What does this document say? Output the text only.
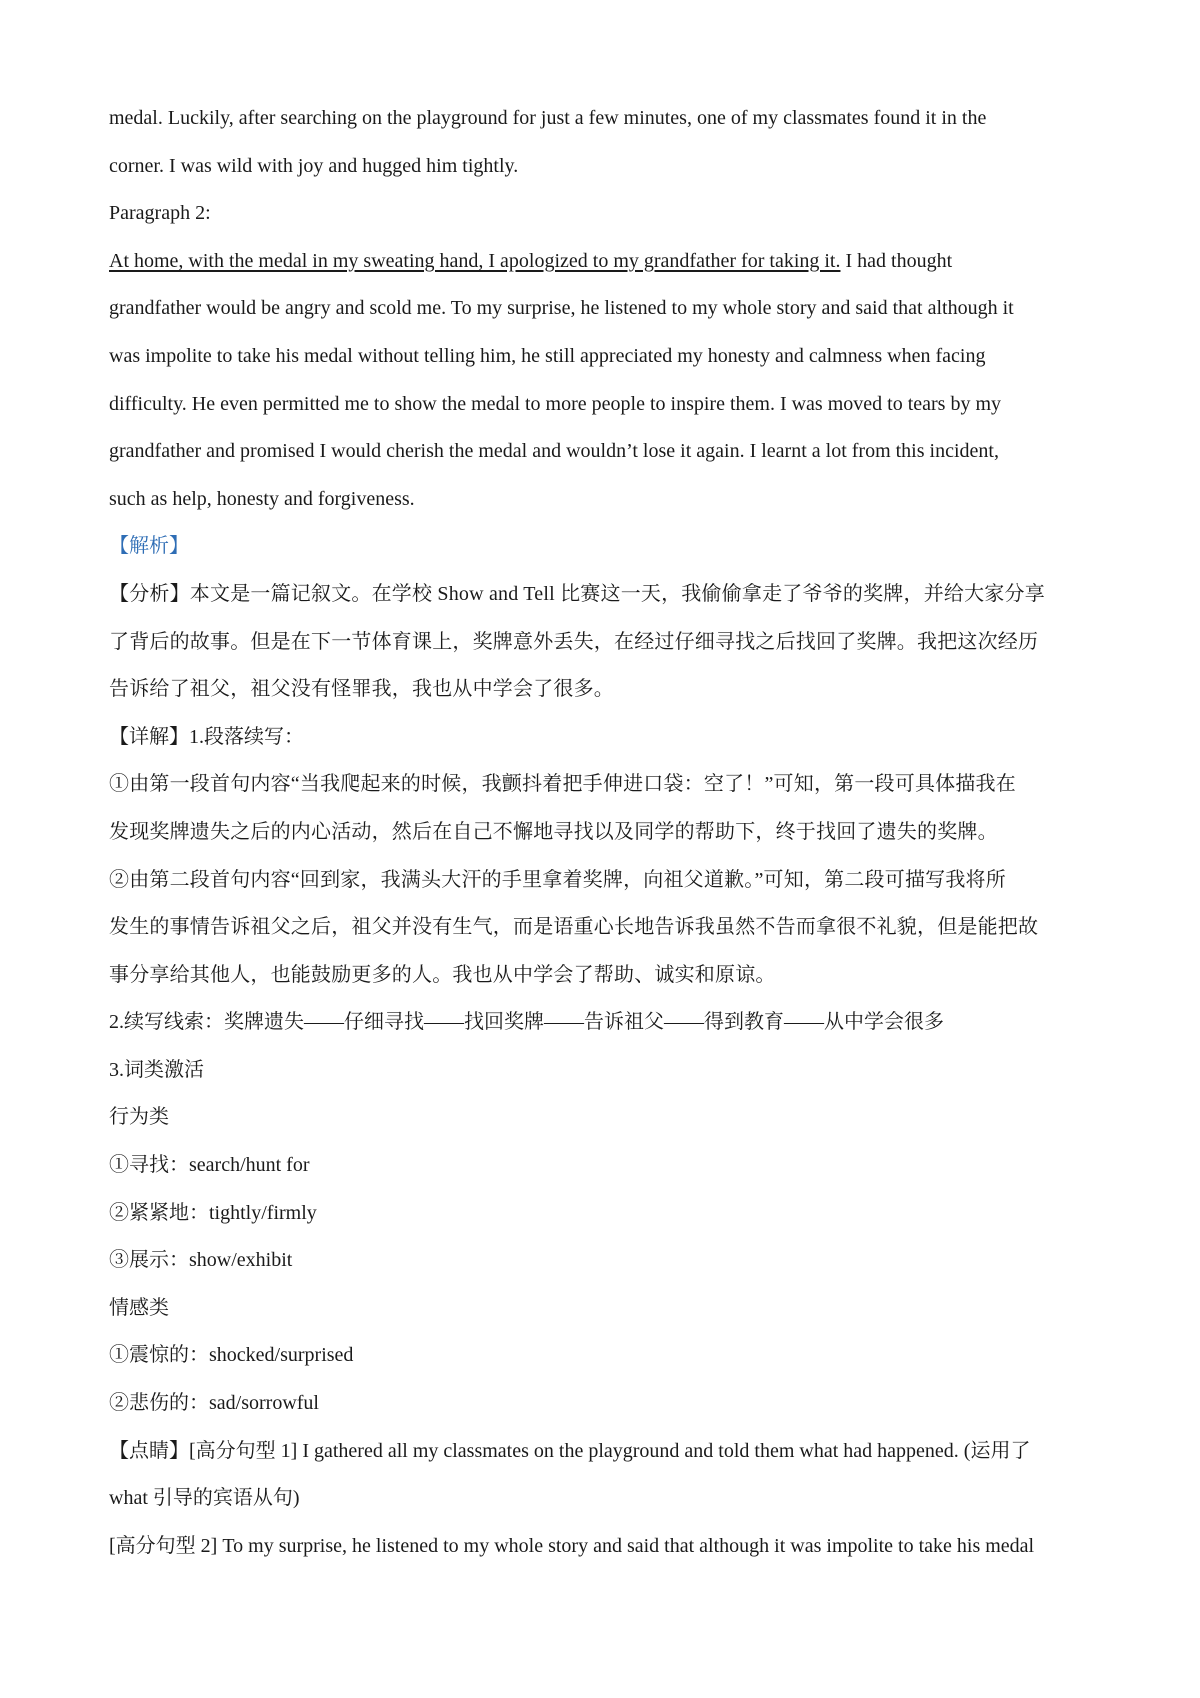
medal. Luckily, after searching on the playground for just a few minutes, one of my classmates found it in the
corner. I was wild with joy and hugged him tightly.
Paragraph 2:
At home, with the medal in my sweating hand, I apologized to my grandfather for taking it. I had thought
grandfather would be angry and scold me. To my surprise, he listened to my whole story and said that although it
was impolite to take his medal without telling him, he still appreciated my honesty and calmness when facing
difficulty. He even permitted me to show the medal to more people to inspire them. I was moved to tears by my
grandfather and promised I would cherish the medal and wouldn’t lose it again. I learnt a lot from this incident,
such as help, honesty and forgiveness.
【解析】
【分析】本文是一篇记叙文。在学校 Show and Tell 比赛这一天，我偷偷拿走了爷爷的奖牌，并给大家分享
了背后的故事。但是在下一节体育课上，奖牌意外丢失，在经过仔细寻找之后找回了奖牌。我把这次经历
告诉给了祖父，祖父没有怪罪我，我也从中学会了很多。
【详解】1.段落续写：
①由第一段首句内容“当我爬起来的时候，我颤抖着把手伸进口袋：空了！”可知，第一段可具体描我在
发现奖牌遗失之后的内心活动，然后在自己不懈地寻找以及同学的帮助下，终于找回了遗失的奖牌。
②由第二段首句内容“回到家，我满头大汗的手里拿着奖牌，向祖父道歉。”可知，第二段可描写我将所
发生的事情告诉祖父之后，祖父并没有生气，而是语重心长地告诉我虽然不告而拿很不礼貌，但是能把故
事分享给其他人，也能鼓励更多的人。我也从中学会了帮助、诚实和原谅。
2.续写线索：奖牌遗失——仔细寻找——找回奖牌——告诉祖父——得到教育——从中学会很多
3.词类激活
行为类
①寻找：search/hunt for
②紧紧地：tightly/firmly
③展示：show/exhibit
情感类
①震惊的：shocked/surprised
②悲伤的：sad/sorrowful
【点睛】[高分句型 1] I gathered all my classmates on the playground and told them what had happened. (运用了
what 引导的宾语从句)
[高分句型 2] To my surprise, he listened to my whole story and said that although it was impolite to take his medal
